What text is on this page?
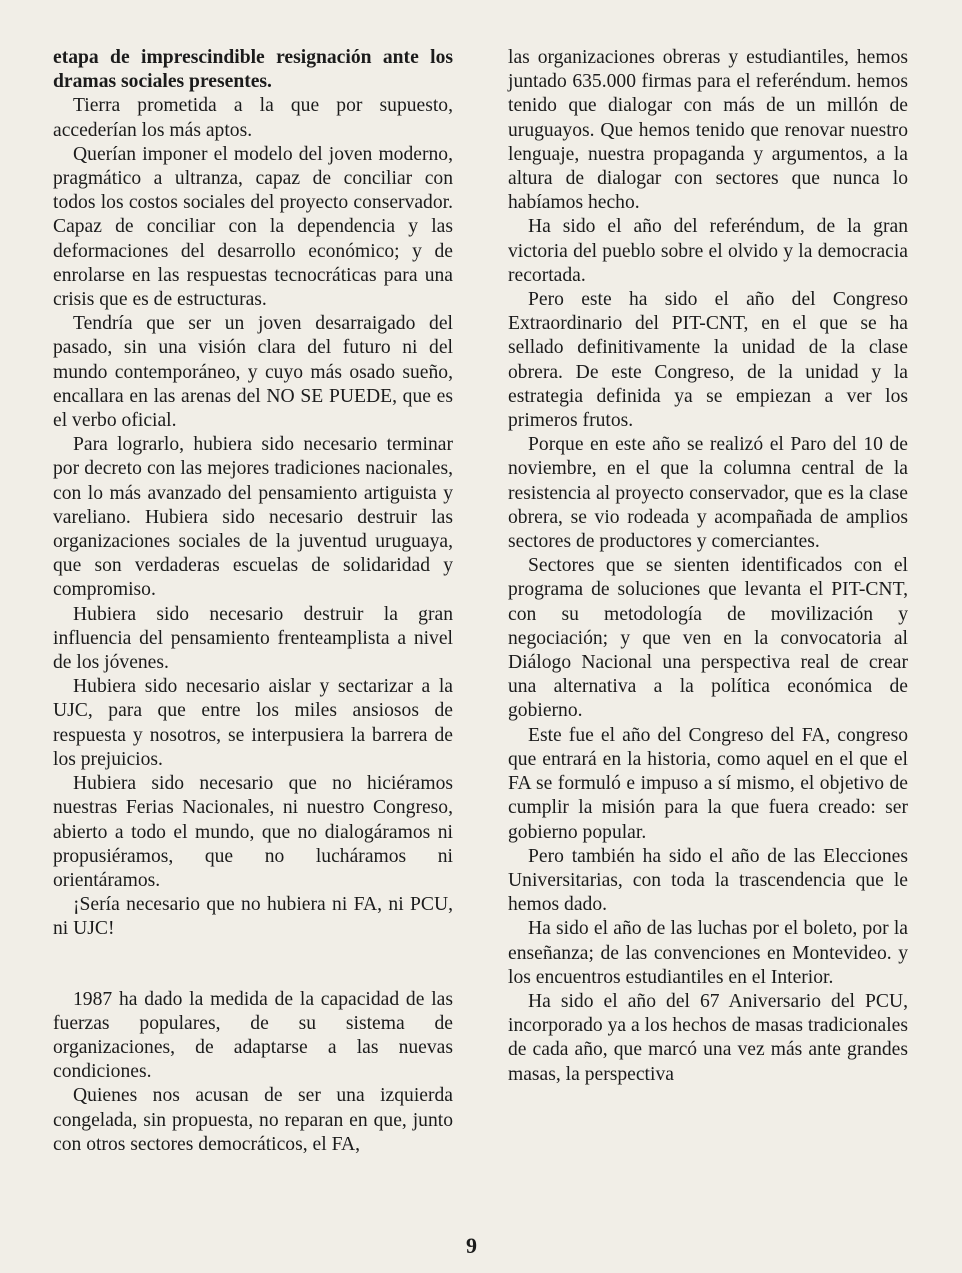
etapa de imprescindible resignación ante los dramas sociales presentes.

Tierra prometida a la que por supuesto, accederían los más aptos.

Querían imponer el modelo del joven moderno, pragmático a ultranza, capaz de conciliar con todos los costos sociales del proyecto conservador. Capaz de conciliar con la dependencia y las deformaciones del desarrollo económico; y de enrolarse en las respuestas tecnocráticas para una crisis que es de estructuras.

Tendría que ser un joven desarraigado del pasado, sin una visión clara del futuro ni del mundo contemporáneo, y cuyo más osado sueño, encallara en las arenas del NO SE PUEDE, que es el verbo oficial.

Para lograrlo, hubiera sido necesario terminar por decreto con las mejores tradiciones nacionales, con lo más avanzado del pensamiento artiguista y vareliano. Hubiera sido necesario destruir las organizaciones sociales de la juventud uruguaya, que son verdaderas escuelas de solidaridad y compromiso.

Hubiera sido necesario destruir la gran influencia del pensamiento frenteamplista a nivel de los jóvenes.

Hubiera sido necesario aislar y sectarizar a la UJC, para que entre los miles ansiosos de respuesta y nosotros, se interpusiera la barrera de los prejuicios.

Hubiera sido necesario que no hiciéramos nuestras Ferias Nacionales, ni nuestro Congreso, abierto a todo el mundo, que no dialogáramos ni propusiéramos, que no lucháramos ni orientáramos.

¡Sería necesario que no hubiera ni FA, ni PCU, ni UJC!

1987 ha dado la medida de la capacidad de las fuerzas populares, de su sistema de organizaciones, de adaptarse a las nuevas condiciones.

Quienes nos acusan de ser una izquierda congelada, sin propuesta, no reparan en que, junto con otros sectores democráticos, el FA,

las organizaciones obreras y estudiantiles, hemos juntado 635.000 firmas para el referéndum. hemos tenido que dialogar con más de un millón de uruguayos. Que hemos tenido que renovar nuestro lenguaje, nuestra propaganda y argumentos, a la altura de dialogar con sectores que nunca lo habíamos hecho.

Ha sido el año del referéndum, de la gran victoria del pueblo sobre el olvido y la democracia recortada.

Pero este ha sido el año del Congreso Extraordinario del PIT-CNT, en el que se ha sellado definitivamente la unidad de la clase obrera. De este Congreso, de la unidad y la estrategia definida ya se empiezan a ver los primeros frutos.

Porque en este año se realizó el Paro del 10 de noviembre, en el que la columna central de la resistencia al proyecto conservador, que es la clase obrera, se vio rodeada y acompañada de amplios sectores de productores y comerciantes.

Sectores que se sienten identificados con el programa de soluciones que levanta el PIT-CNT, con su metodología de movilización y negociación; y que ven en la convocatoria al Diálogo Nacional una perspectiva real de crear una alternativa a la política económica de gobierno.

Este fue el año del Congreso del FA, congreso que entrará en la historia, como aquel en el que el FA se formuló e impuso a sí mismo, el objetivo de cumplir la misión para la que fuera creado: ser gobierno popular.

Pero también ha sido el año de las Elecciones Universitarias, con toda la trascendencia que le hemos dado.

Ha sido el año de las luchas por el boleto, por la enseñanza; de las convenciones en Montevideo. y los encuentros estudiantiles en el Interior.

Ha sido el año del 67 Aniversario del PCU, incorporado ya a los hechos de masas tradicionales de cada año, que marcó una vez más ante grandes masas, la perspectiva

9
